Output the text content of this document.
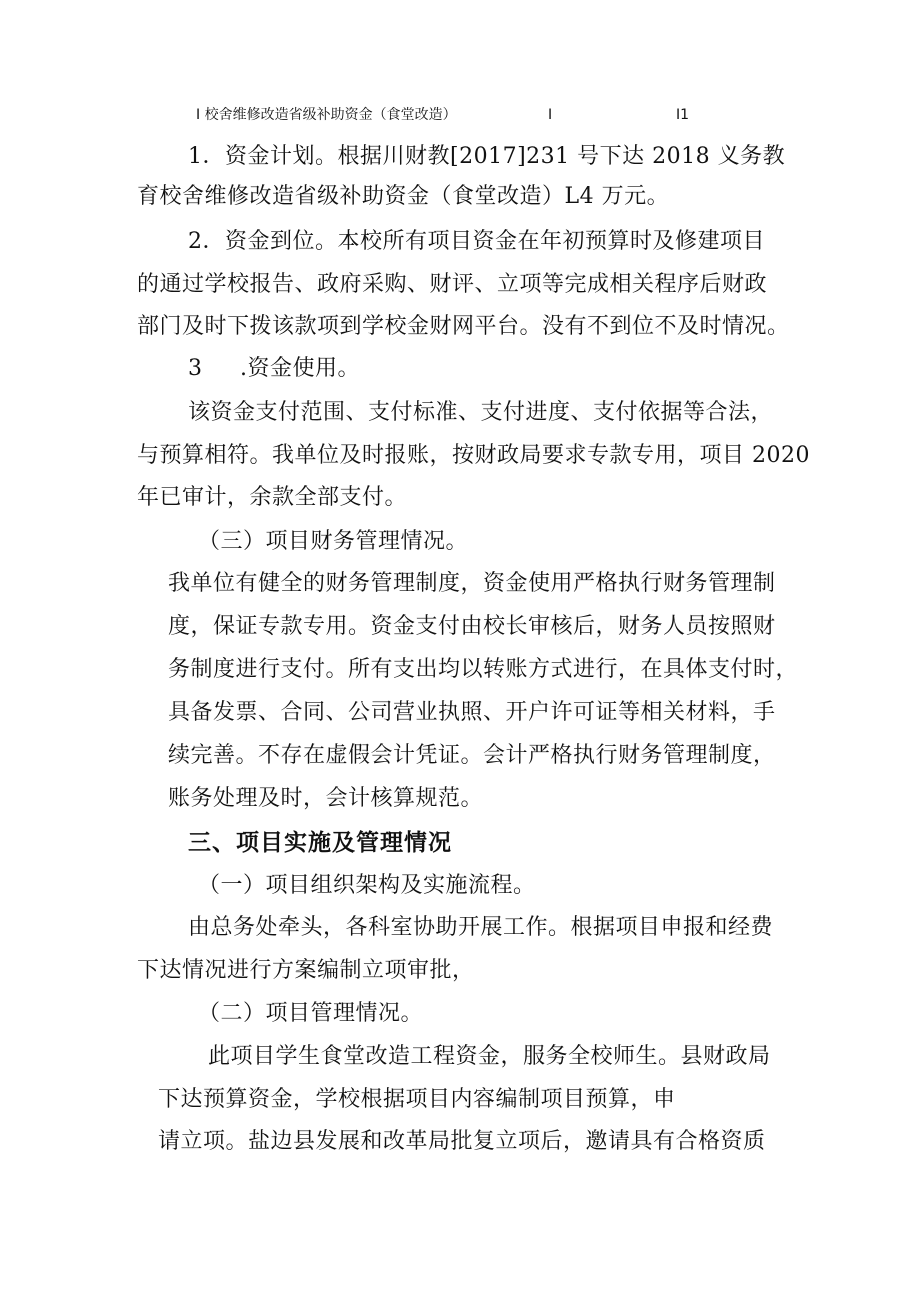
I 校舍维修改造省级补助资金（食堂改造）	I	I1
1．资金计划。根据川财教[2017]231 号下达 2018 义务教
育校舍维修改造省级补助资金（食堂改造）L4 万元。
2．资金到位。本校所有项目资金在年初预算时及修建项目
的通过学校报告、政府采购、财评、立项等完成相关程序后财政
部门及时下拨该款项到学校金财网平台。没有不到位不及时情况。
3     .资金使用。
该资金支付范围、支付标准、支付进度、支付依据等合法，
与预算相符。我单位及时报账，按财政局要求专款专用，项目 2020
年已审计，余款全部支付。
（三）项目财务管理情况。
我单位有健全的财务管理制度，资金使用严格执行财务管理制
度，保证专款专用。资金支付由校长审核后，财务人员按照财
务制度进行支付。所有支出均以转账方式进行，在具体支付时，
具备发票、合同、公司营业执照、开户许可证等相关材料，手
续完善。不存在虚假会计凭证。会计严格执行财务管理制度，
账务处理及时，会计核算规范。
三、项目实施及管理情况
（一）项目组织架构及实施流程。
由总务处牵头，各科室协助开展工作。根据项目申报和经费
下达情况进行方案编制立项审批，
（二）项目管理情况。
此项目学生食堂改造工程资金，服务全校师生。县财政局
下达预算资金，学校根据项目内容编制项目预算，申
请立项。盐边县发展和改革局批复立项后，邀请具有合格资质
